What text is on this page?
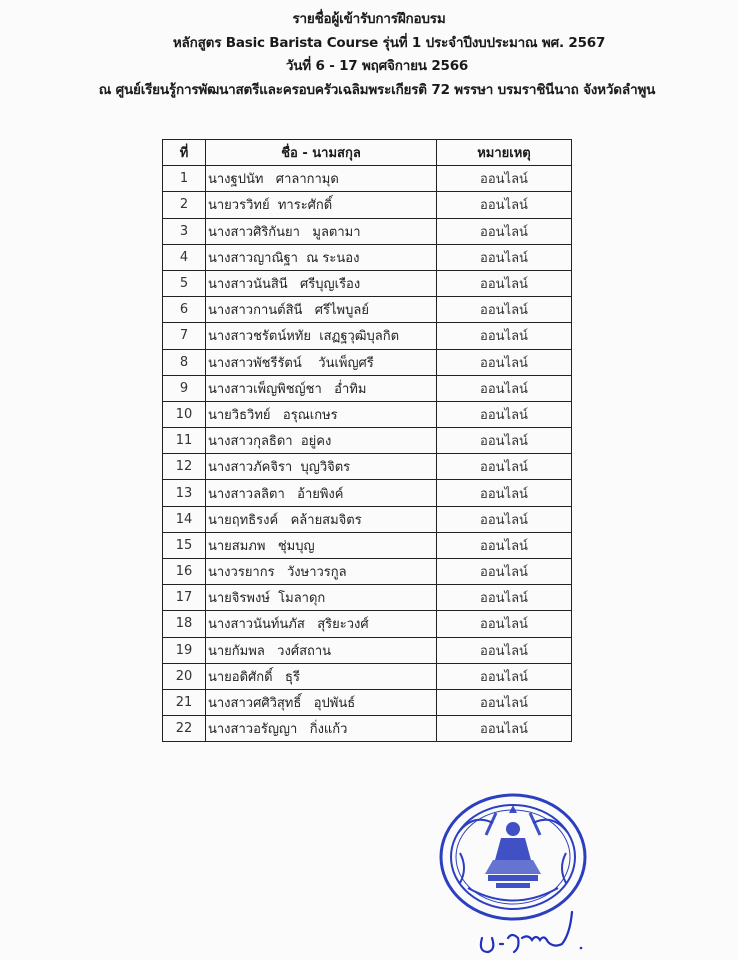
รายชื่อผู้เข้ารับการฝึกอบรม
หลักสูตร Basic Barista Course รุ่นที่ 1 ประจำปีงบประมาณ พศ. 2567
วันที่ 6 - 17 พฤศจิกายน 2566
ณ ศูนย์เรียนรู้การพัฒนาสตรีและครอบครัวเฉลิมพระเกียรติ 72 พรรษา บรมราชินีนาถ จังหวัดลำพูน
ที่	ชื่อ - นามสกุล	หมายเหตุ
1	นางฐปนัท   ศาลากามุด	ออนไลน์
2	นายวรวิทย์  ทาระศักดิ์	ออนไลน์
3	นางสาวศิริกันยา   มูลตามา	ออนไลน์
4	นางสาวญาณิฐา  ณ ระนอง	ออนไลน์
5	นางสาวนันสินี   ศรีบุญเรือง	ออนไลน์
6	นางสาวกานต์สินี   ศรีไพบูลย์	ออนไลน์
7	นางสาวชรัตน์หทัย  เสฏฐวุฒิบุลกิต	ออนไลน์
8	นางสาวพัชรีรัตน์    วันเพ็ญศรี	ออนไลน์
9	นางสาวเพ็ญพิชญ์ชา   อ่ำทิม	ออนไลน์
10	นายวิธวิทย์   อรุณเกษร	ออนไลน์
11	นางสาวกุลธิดา  อยู่คง	ออนไลน์
12	นางสาวภัคจิรา  บุญวิจิตร	ออนไลน์
13	นางสาวลลิตา   อ้ายพิงค์	ออนไลน์
14	นายฤทธิรงค์   คล้ายสมจิตร	ออนไลน์
15	นายสมภพ   ชุ่มบุญ	ออนไลน์
16	นางวรยากร   วังษาวรกูล	ออนไลน์
17	นายจิรพงษ์  โมลาดุก	ออนไลน์
18	นางสาวนันท์นภัส   สุริยะวงศ์	ออนไลน์
19	นายกัมพล   วงศ์สถาน	ออนไลน์
20	นายอดิศักดิ์   ธุรี	ออนไลน์
21	นางสาวศศิวิสุทธิ์   อุปพันธ์	ออนไลน์
22	นางสาวอรัญญา   กิ่งแก้ว	ออนไลน์
